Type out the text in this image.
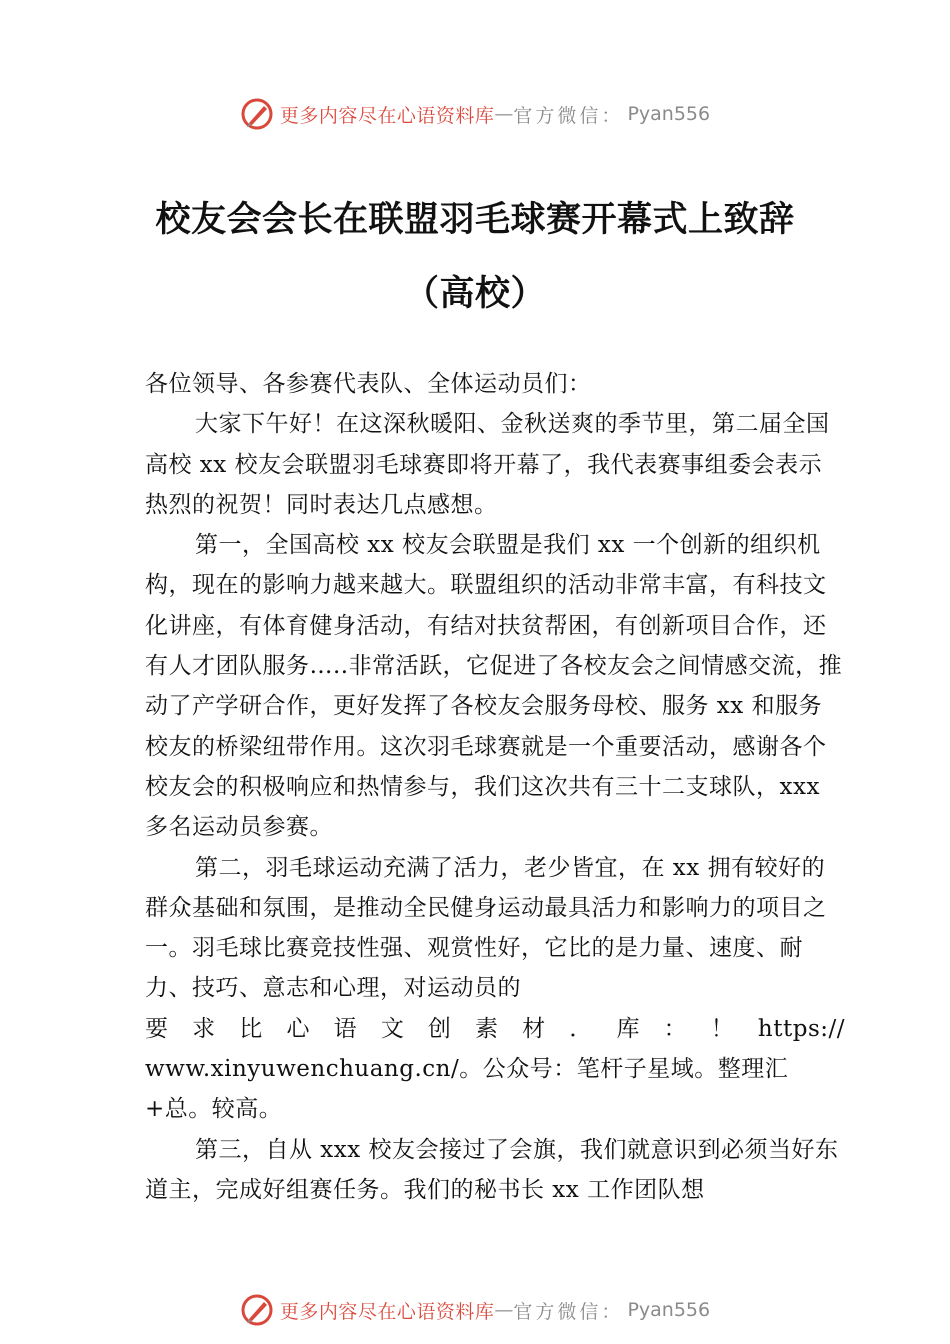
更多内容尽在心语资料库 — 官方微信： Pyan556
校友会会长在联盟羽毛球赛开幕式上致辞
（高校）

各位领导、各参赛代表队、全体运动员们：

大家下午好！在这深秋暖阳、金秋送爽的季节里，第二届全国高校 xx 校友会联盟羽毛球赛即将开幕了，我代表赛事组委会表示热烈的祝贺！同时表达几点感想。

第一，全国高校 xx 校友会联盟是我们 xx 一个创新的组织机构，现在的影响力越来越大。联盟组织的活动非常丰富，有科技文化讲座，有体育健身活动，有结对扶贫帮困，有创新项目合作，还有人才团队服务…..非常活跃，它促进了各校友会之间情感交流，推动了产学研合作，更好发挥了各校友会服务母校、服务 xx 和服务校友的桥梁纽带作用。这次羽毛球赛就是一个重要活动，感谢各个校友会的积极响应和热情参与，我们这次共有三十二支球队，xxx 多名运动员参赛。

第二，羽毛球运动充满了活力，老少皆宜，在 xx 拥有较好的群众基础和氛围，是推动全民健身运动最具活力和影响力的项目之一。羽毛球比赛竞技性强、观赏性好，它比的是力量、速度、耐力、技巧、意志和心理，对运动员的

要求比心语文创素材．库：！https://

www.xinyuwenchuang.cn/。公众号：笔杆子星域。整理汇+总。较高。

第三，自从 xxx 校友会接过了会旗，我们就意识到必须当好东道主，完成好组赛任务。我们的秘书长 xx 工作团队想

更多内容尽在心语资料库 — 官方微信： Pyan556
